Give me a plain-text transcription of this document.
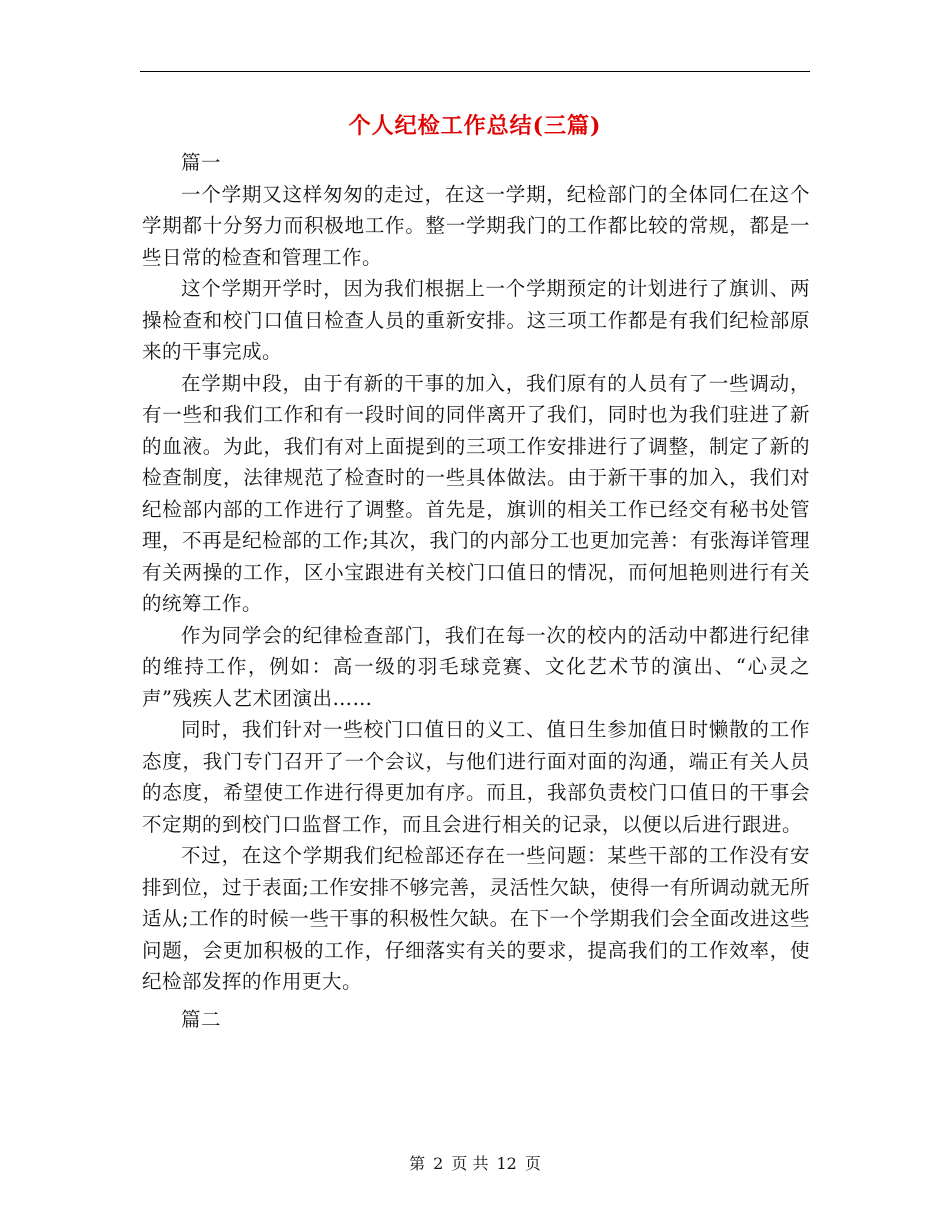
个人纪检工作总结(三篇)

篇一

一个学期又这样匆匆的走过，在这一学期，纪检部门的全体同仁在这个学期都十分努力而积极地工作。整一学期我门的工作都比较的常规，都是一些日常的检查和管理工作。

这个学期开学时，因为我们根据上一个学期预定的计划进行了旗训、两操检查和校门口值日检查人员的重新安排。这三项工作都是有我们纪检部原来的干事完成。

在学期中段，由于有新的干事的加入，我们原有的人员有了一些调动，有一些和我们工作和有一段时间的同伴离开了我们，同时也为我们驻进了新的血液。为此，我们有对上面提到的三项工作安排进行了调整，制定了新的检查制度，法律规范了检查时的一些具体做法。由于新干事的加入，我们对纪检部内部的工作进行了调整。首先是，旗训的相关工作已经交有秘书处管理，不再是纪检部的工作;其次，我门的内部分工也更加完善：有张海详管理有关两操的工作，区小宝跟进有关校门口值日的情况，而何旭艳则进行有关的统筹工作。

作为同学会的纪律检查部门，我们在每一次的校内的活动中都进行纪律的维持工作，例如：高一级的羽毛球竞赛、文化艺术节的演出、“心灵之声”残疾人艺术团演出……

同时，我们针对一些校门口值日的义工、值日生参加值日时懒散的工作态度，我门专门召开了一个会议，与他们进行面对面的沟通，端正有关人员的态度，希望使工作进行得更加有序。而且，我部负责校门口值日的干事会不定期的到校门口监督工作，而且会进行相关的记录，以便以后进行跟进。

不过，在这个学期我们纪检部还存在一些问题：某些干部的工作没有安排到位，过于表面;工作安排不够完善，灵活性欠缺，使得一有所调动就无所适从;工作的时候一些干事的积极性欠缺。在下一个学期我们会全面改进这些问题，会更加积极的工作，仔细落实有关的要求，提高我们的工作效率，使纪检部发挥的作用更大。

篇二

第 2 页 共 12 页
